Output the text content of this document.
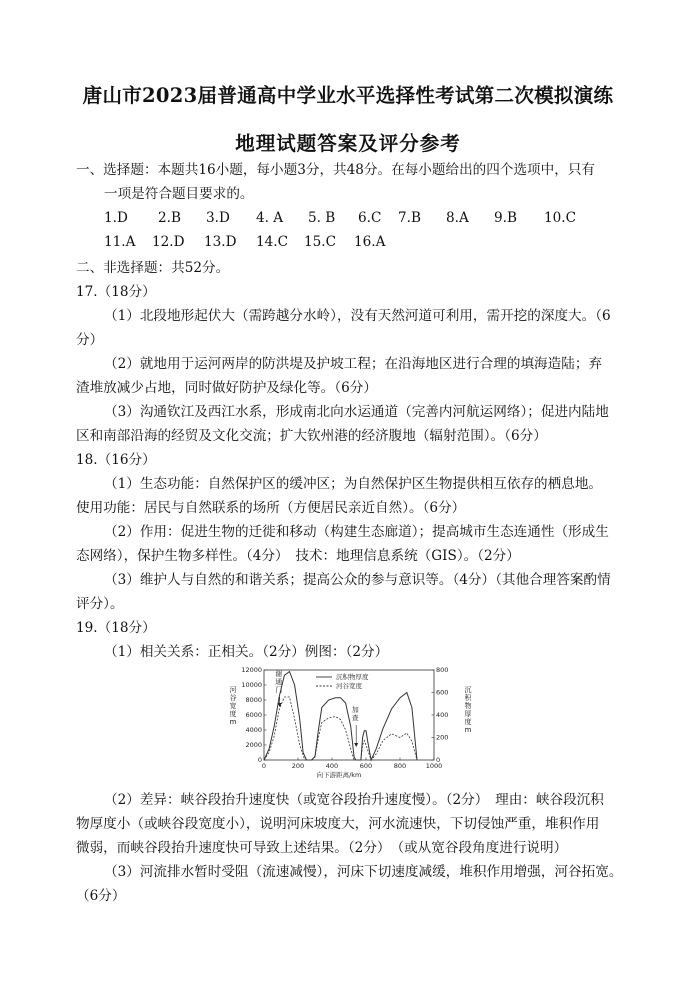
唐山市2023届普通高中学业水平选择性考试第二次模拟演练
地理试题答案及评分参考
一、选择题：本题共16小题，每小题3分，共48分。在每小题给出的四个选项中，只有
一项是符合题目要求的。
1.D 2.B 3.D 4. A 5. B 6.C 7.B 8.A 9.B 10.C
11.A 12.D 13.D 14.C 15.C 16.A
二、非选择题：共52分。
17.（18分）
（1）北段地形起伏大（需跨越分水岭），没有天然河道可利用，需开挖的深度大。（6
分）
（2）就地用于运河两岸的防洪堤及护坡工程；在沿海地区进行合理的填海造陆；弃
渣堆放减少占地，同时做好防护及绿化等。（6分）
（3）沟通钦江及西江水系，形成南北向水运通道（完善内河航运网络）；促进内陆地
区和南部沿海的经贸及文化交流；扩大钦州港的经济腹地（辐射范围）。（6分）
18.（16分）
（1）生态功能：自然保护区的缓冲区；为自然保护区生物提供相互依存的栖息地。
使用功能：居民与自然联系的场所（方便居民亲近自然）。（6分）
（2）作用：促进生物的迁徙和移动（构建生态廊道）；提高城市生态连通性（形成生
态网络），保护生物多样性。（4分）　技术：地理信息系统（GIS）。（2分）
（3）维护人与自然的和谐关系；提高公众的参与意识等。（4分）（其他合理答案酌情
评分）。
19.（18分）
（1）相关关系：正相关。（2分）例图：（2分）
0	200	400	600	800	1000
0
2000
4000
6000
8000
10000
12000
0
200
400
600
800
沉积物厚度
河谷宽度
河
谷
宽
度
m
沉
积
物
厚
度
m
向下游距离/km
谢
通
门
加
查
（2）差异：峡谷段抬升速度快（或宽谷段抬升速度慢）。（2分）　理由：峡谷段沉积
物厚度小（或峡谷段宽度小），说明河床坡度大，河水流速快，下切侵蚀严重，堆积作用
微弱，而峡谷段抬升速度快可导致上述结果。（2分）　（或从宽谷段角度进行说明）
（3）河流排水暂时受阻（流速减慢），河床下切速度减缓，堆积作用增强，河谷拓宽。
（6分）
